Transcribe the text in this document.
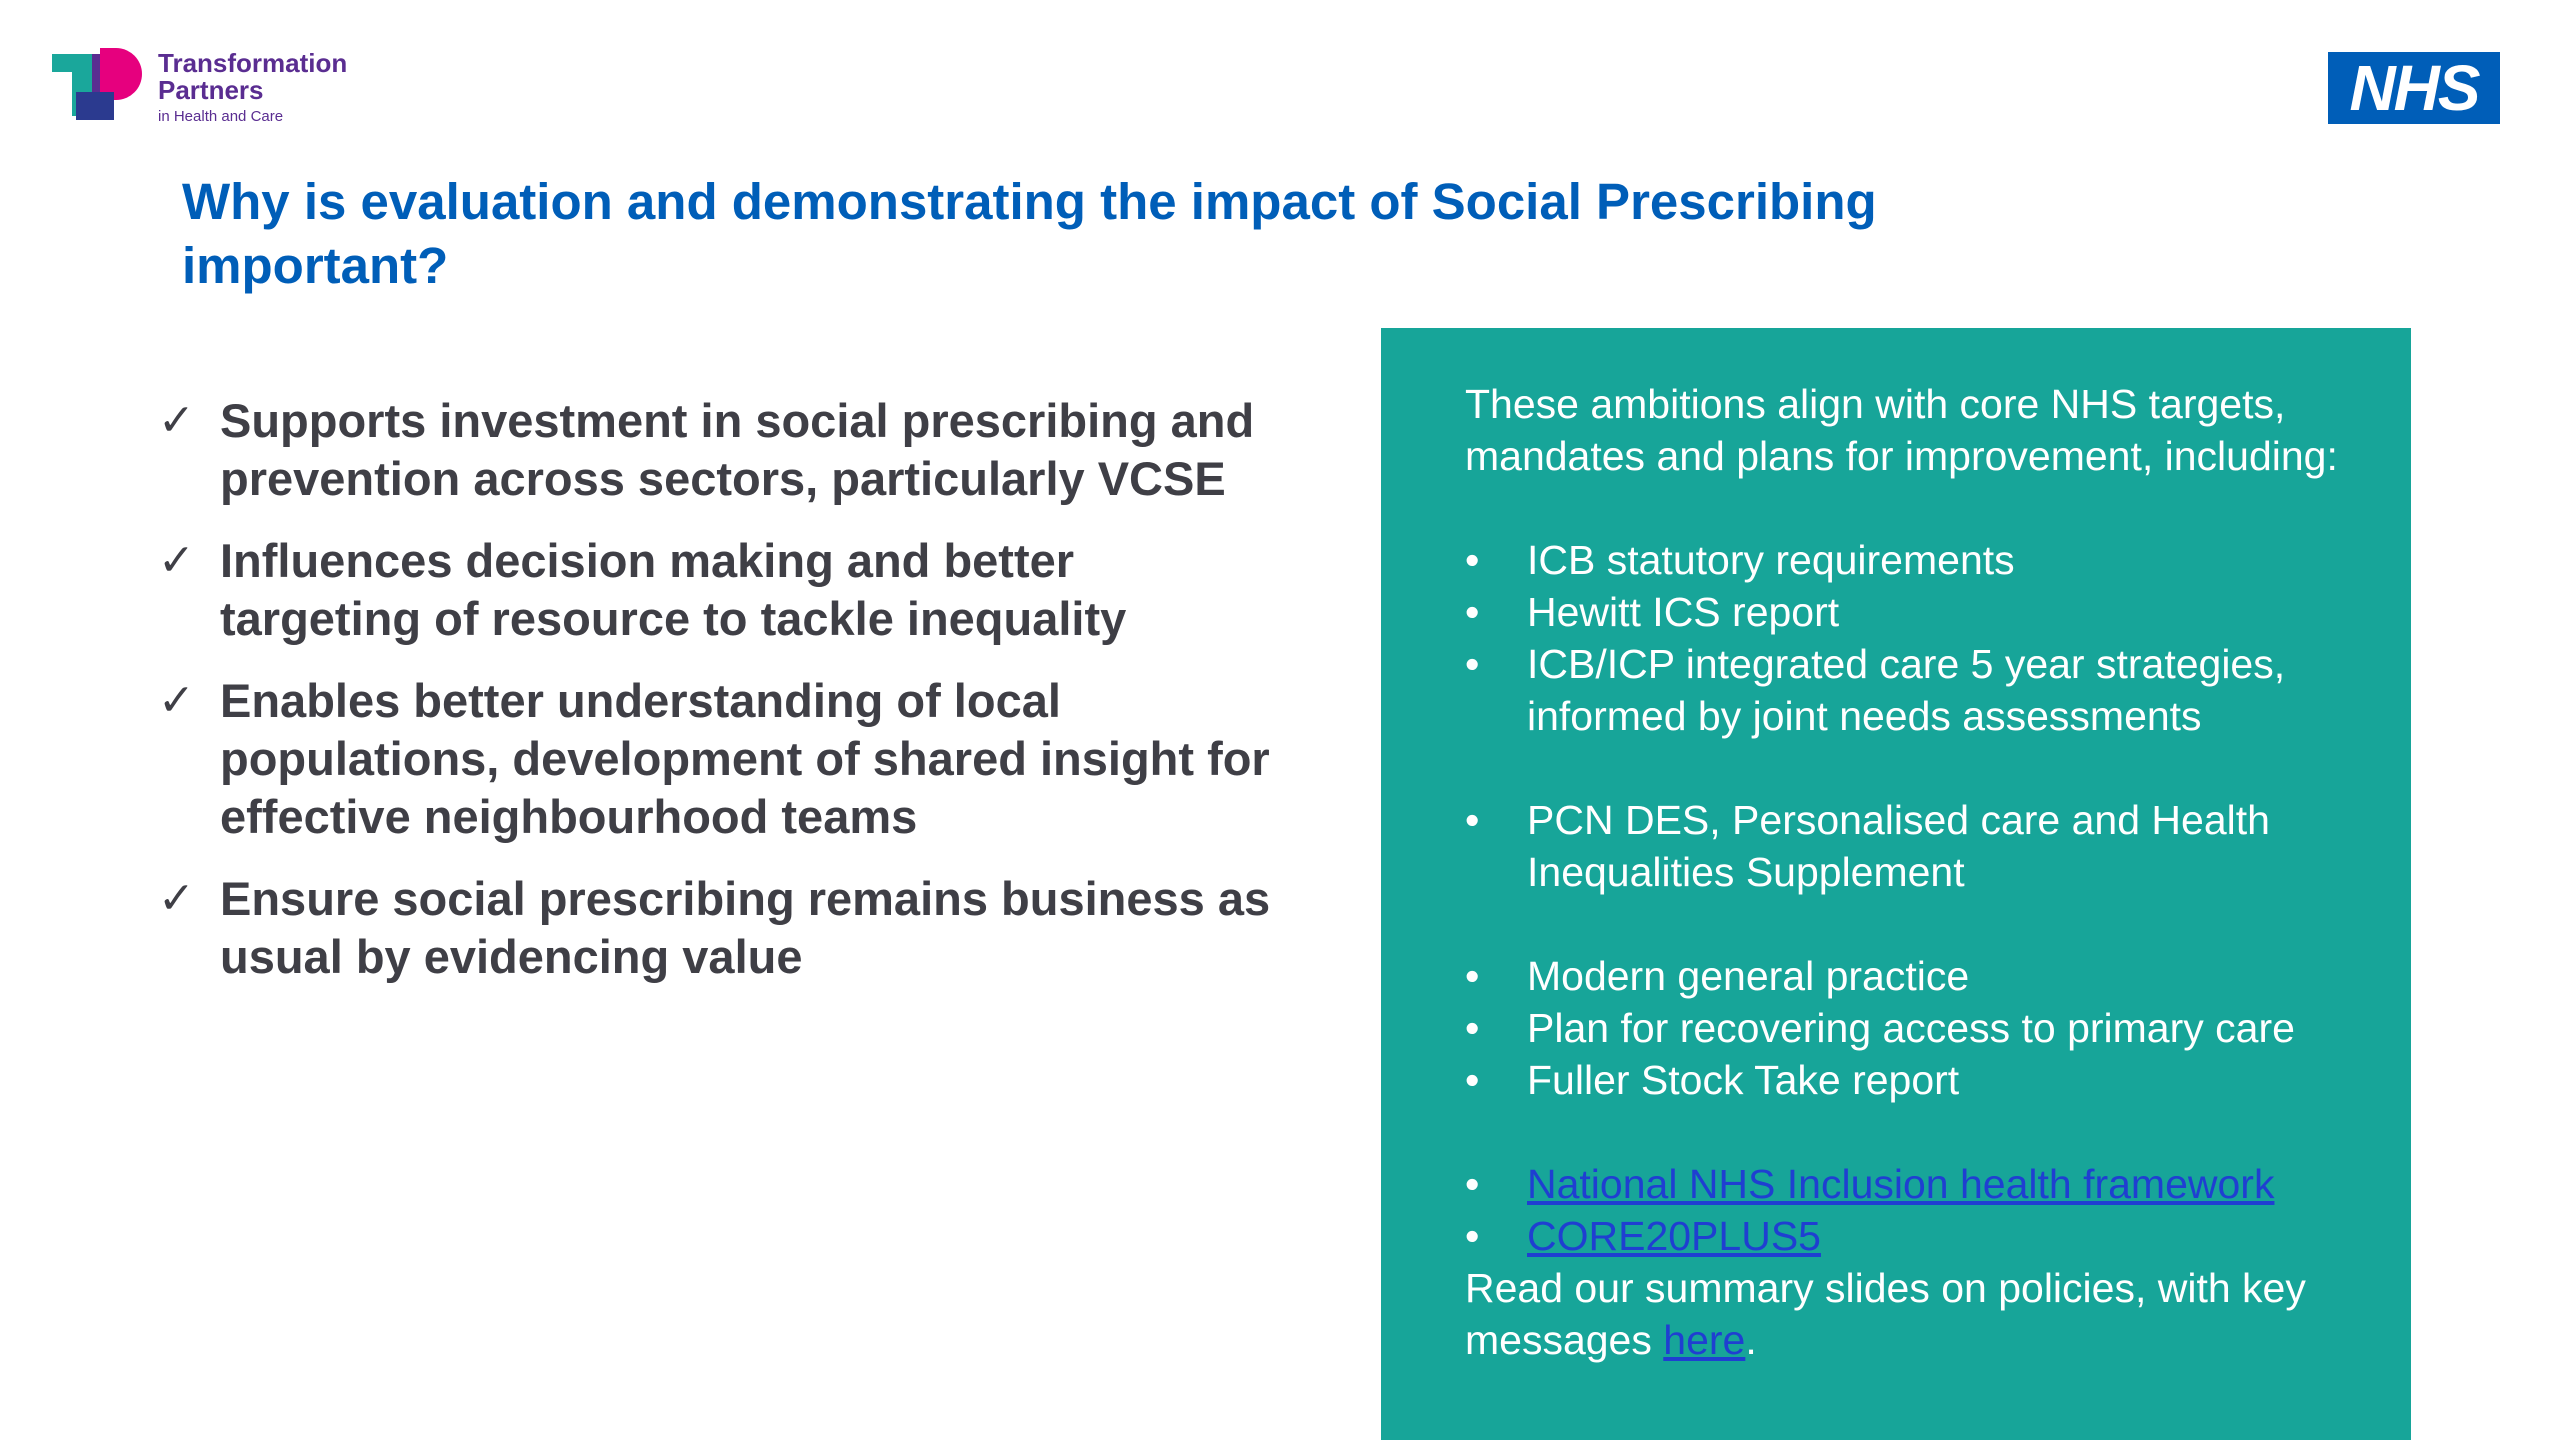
Transformation
Partners
in Health and Care	NHS
Why is evaluation and demonstrating the impact of Social Prescribing important?
✓ Supports investment in social prescribing and prevention across sectors, particularly VCSE
✓ Influences decision making and better targeting of resource to tackle inequality
✓ Enables better understanding of local populations, development of shared insight for effective neighbourhood teams
✓ Ensure social prescribing remains business as usual by evidencing value

These ambitions align with core NHS targets, mandates and plans for improvement, including:

• ICB statutory requirements
• Hewitt ICS report
• ICB/ICP integrated care 5 year strategies, informed by joint needs assessments
• PCN DES, Personalised care and Health Inequalities Supplement
• Modern general practice
• Plan for recovering access to primary care
• Fuller Stock Take report
• National NHS Inclusion health framework
• CORE20PLUS5

Read our summary slides on policies, with key messages here.
